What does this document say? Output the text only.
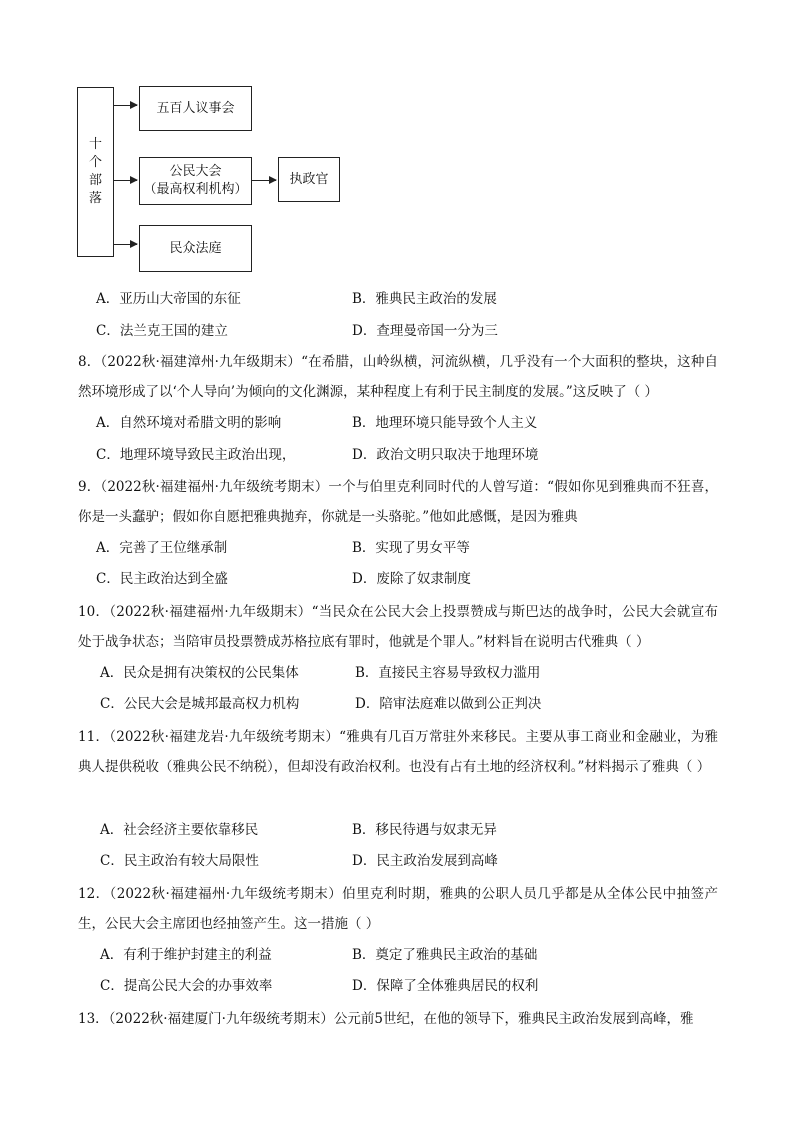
十
个
部
落
五百人议事会
公民大会
（最高权利机构）
执政官
民众法庭
A．亚历山大帝国的东征	B．雅典民主政治的发展
C．法兰克王国的建立	D．查理曼帝国一分为三
8．（2022秋·福建漳州·九年级期末）“在希腊，山岭纵横，河流纵横，几乎没有一个大面积的整块，这种自然环境形成了以‘个人导向’为倾向的文化渊源，某种程度上有利于民主制度的发展。”这反映了（ ）
A．自然环境对希腊文明的影响	B．地理环境只能导致个人主义
C．地理环境导致民主政治出现，	D．政治文明只取决于地理环境
9．（2022秋·福建福州·九年级统考期末）一个与伯里克利同时代的人曾写道：“假如你见到雅典而不狂喜，你是一头蠢驴；假如你自愿把雅典抛弃，你就是一头骆驼。”他如此感慨，是因为雅典
A．完善了王位继承制	B．实现了男女平等
C．民主政治达到全盛	D．废除了奴隶制度
10．（2022秋·福建福州·九年级期末）“当民众在公民大会上投票赞成与斯巴达的战争时，公民大会就宣布处于战争状态；当陪审员投票赞成苏格拉底有罪时，他就是个罪人。”材料旨在说明古代雅典（ ）
A．民众是拥有决策权的公民集体	B．直接民主容易导致权力滥用
C．公民大会是城邦最高权力机构	D．陪审法庭难以做到公正判决
11．（2022秋·福建龙岩·九年级统考期末）“雅典有几百万常驻外来移民。主要从事工商业和金融业，为雅典人提供税收（雅典公民不纳税），但却没有政治权利。也没有占有土地的经济权利。”材料揭示了雅典（ ）
A．社会经济主要依靠移民	B．移民待遇与奴隶无异
C．民主政治有较大局限性	D．民主政治发展到高峰
12．（2022秋·福建福州·九年级统考期末）伯里克利时期，雅典的公职人员几乎都是从全体公民中抽签产生，公民大会主席团也经抽签产生。这一措施（ ）
A．有利于维护封建主的利益	B．奠定了雅典民主政治的基础
C．提高公民大会的办事效率	D．保障了全体雅典居民的权利
13．（2022秋·福建厦门·九年级统考期末）公元前5世纪，在他的领导下，雅典民主政治发展到高峰，雅
